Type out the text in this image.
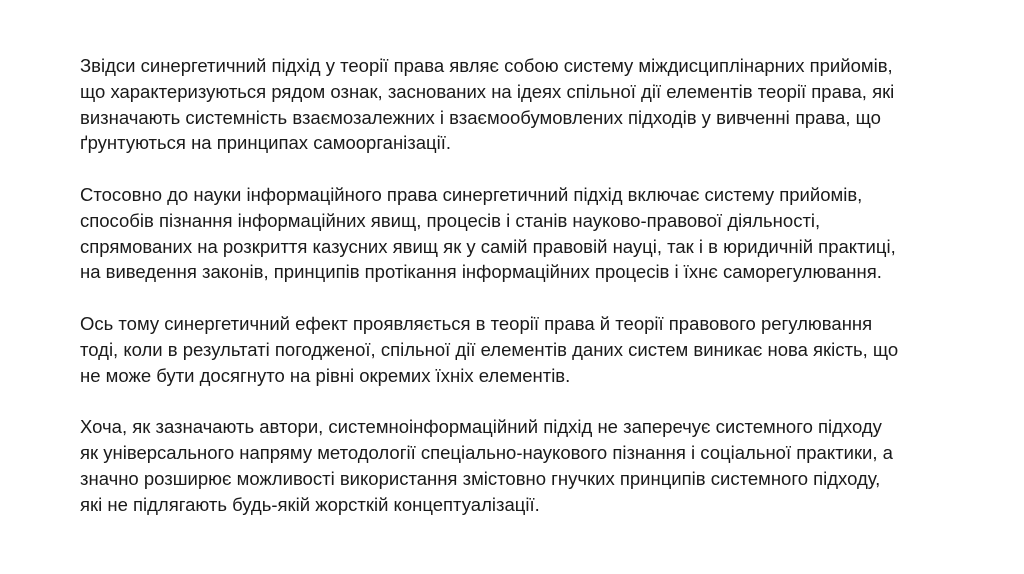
Звідси синергетичний підхід у теорії права являє собою систему міждисциплінарних прийомів,
що характеризуються рядом ознак, заснованих на ідеях спільної дії елементів теорії права, які
визначають системність взаємозалежних і взаємообумовлених підходів у вивченні права, що
ґрунтуються на принципах самоорганізації.

Стосовно до науки інформаційного права синергетичний підхід включає систему прийомів,
способів пізнання інформаційних явищ, процесів і станів науково-правової діяльності,
спрямованих на розкриття казусних явищ як у самій правовій науці, так і в юридичній практиці,
на виведення законів, принципів протікання інформаційних процесів і їхнє саморегулювання.

Ось тому синергетичний ефект проявляється в теорії права й теорії правового регулювання
тоді, коли в результаті погодженої, спільної дії елементів даних систем виникає нова якість, що
не може бути досягнуто на рівні окремих їхніх елементів.

Хоча, як зазначають автори, системноінформаційний підхід не заперечує системного підходу
як універсального напряму методології спеціально-наукового пізнання і соціальної практики, а
значно розширює можливості використання змістовно гнучких принципів системного підходу,
які не підлягають будь-якій жорсткій концептуалізації.
